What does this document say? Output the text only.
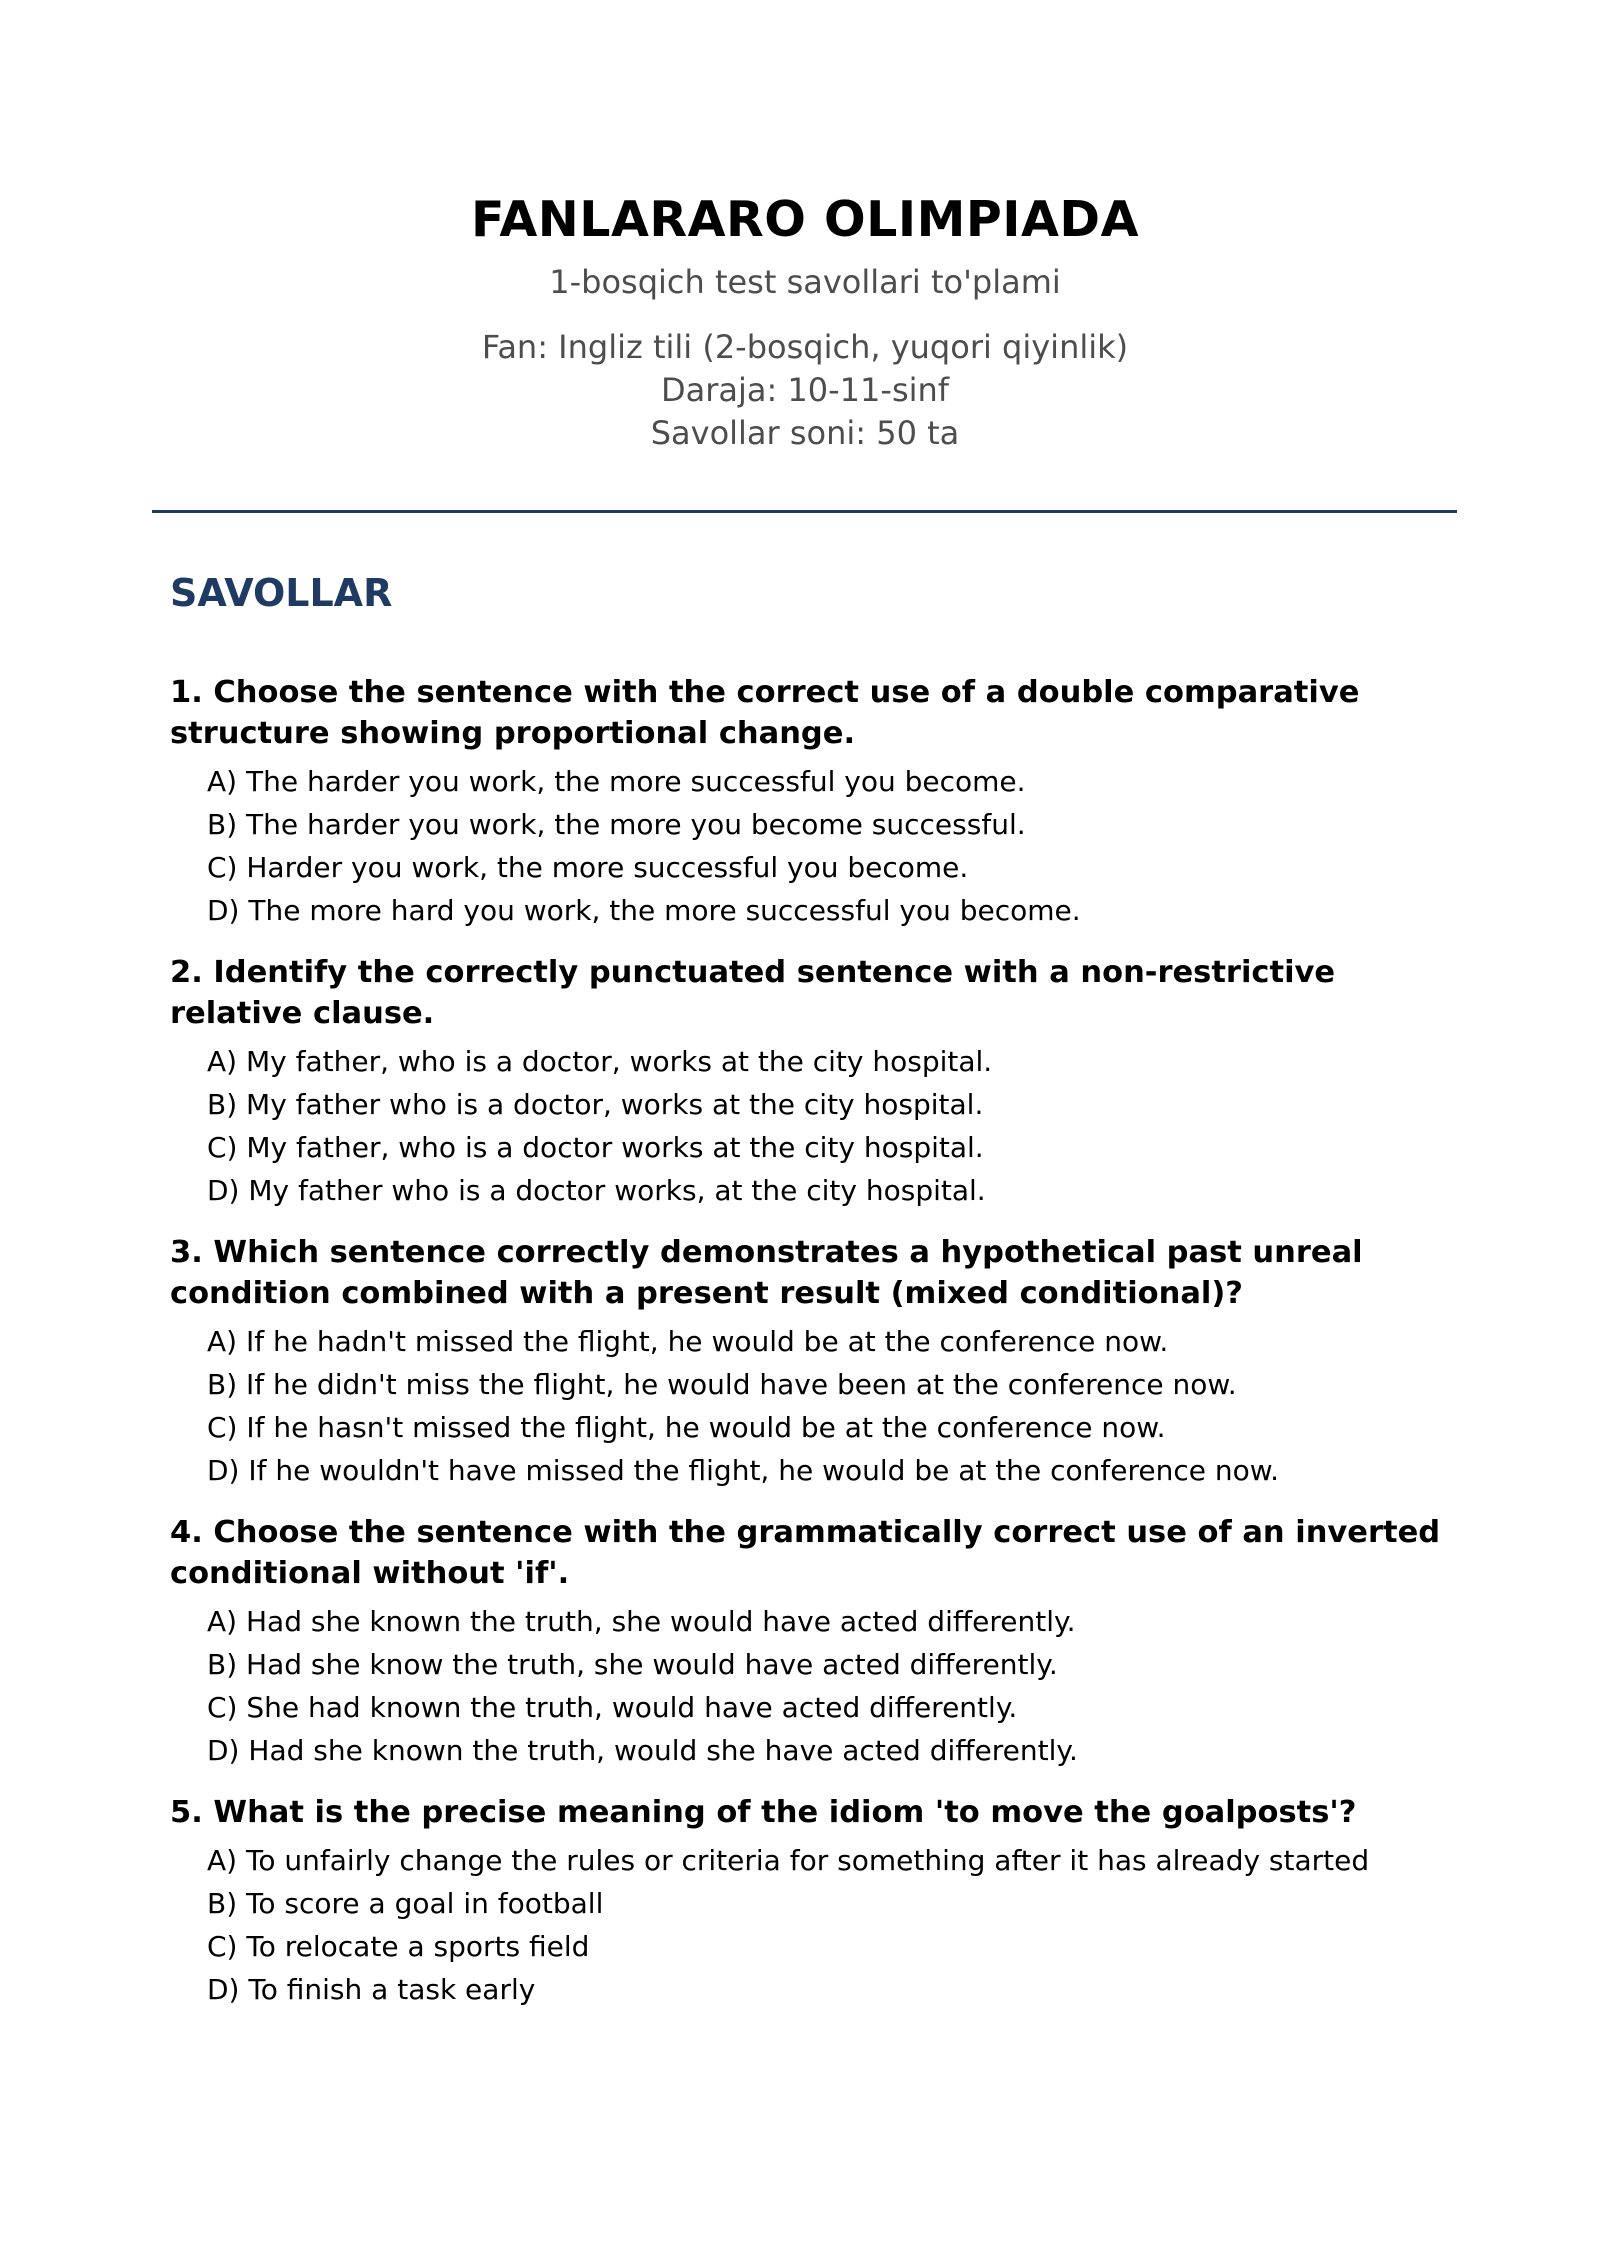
FANLARARO OLIMPIADA
1-bosqich test savollari to'plami
Fan: Ingliz tili (2-bosqich, yuqori qiyinlik)
Daraja: 10-11-sinf
Savollar soni: 50 ta
SAVOLLAR

1. Choose the sentence with the correct use of a double comparative structure showing proportional change.

A) The harder you work, the more successful you become.
B) The harder you work, the more you become successful.
C) Harder you work, the more successful you become.
D) The more hard you work, the more successful you become.

2. Identify the correctly punctuated sentence with a non-restrictive relative clause.

A) My father, who is a doctor, works at the city hospital.
B) My father who is a doctor, works at the city hospital.
C) My father, who is a doctor works at the city hospital.
D) My father who is a doctor works, at the city hospital.

3. Which sentence correctly demonstrates a hypothetical past unreal condition combined with a present result (mixed conditional)?

A) If he hadn't missed the flight, he would be at the conference now.
B) If he didn't miss the flight, he would have been at the conference now.
C) If he hasn't missed the flight, he would be at the conference now.
D) If he wouldn't have missed the flight, he would be at the conference now.

4. Choose the sentence with the grammatically correct use of an inverted conditional without 'if'.

A) Had she known the truth, she would have acted differently.
B) Had she know the truth, she would have acted differently.
C) She had known the truth, would have acted differently.
D) Had she known the truth, would she have acted differently.

5. What is the precise meaning of the idiom 'to move the goalposts'?

A) To unfairly change the rules or criteria for something after it has already started
B) To score a goal in football
C) To relocate a sports field
D) To finish a task early
